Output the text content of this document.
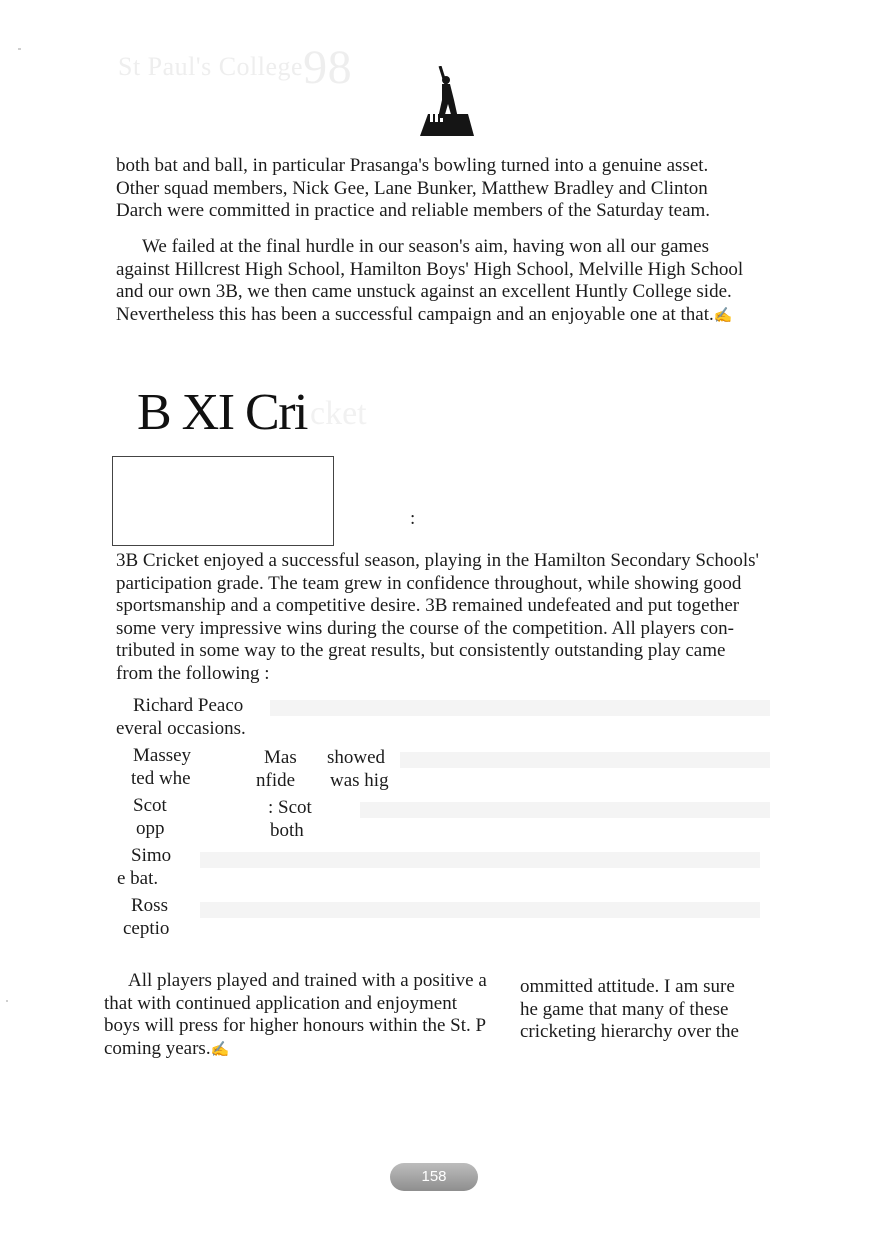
St Paul's College98
both bat and ball, in particular Prasanga's bowling turned into a genuine asset.
Other squad members, Nick Gee, Lane Bunker, Matthew Bradley and Clinton
Darch were committed in practice and reliable members of the Saturday team.
We failed at the final hurdle in our season's aim, having won all our games
against Hillcrest High School, Hamilton Boys' High School, Melville High School
and our own 3B, we then came unstuck against an excellent Huntly College side.
Nevertheless this has been a successful campaign and an enjoyable one at that.✍
B XI Cri cket
:
3B Cricket enjoyed a successful season, playing in the Hamilton Secondary Schools'
participation grade. The team grew in confidence throughout, while showing good
sportsmanship and a competitive desire. 3B remained undefeated and put together
some very impressive wins during the course of the competition. All players con-
tributed in some way to the great results, but consistently outstanding play came
from the following :
Richard Peaco
everal occasions.
Massey
ted whe
Mas
nfide
showed
was hig
Scot
opp
: Scot
both
Simo
e bat.
Ross
ceptio
All players played and trained with a positive a
that with continued application and enjoyment
boys will press for higher honours within the St. P
coming years.✍
ommitted attitude. I am sure
he game that many of these
cricketing hierarchy over the
158
